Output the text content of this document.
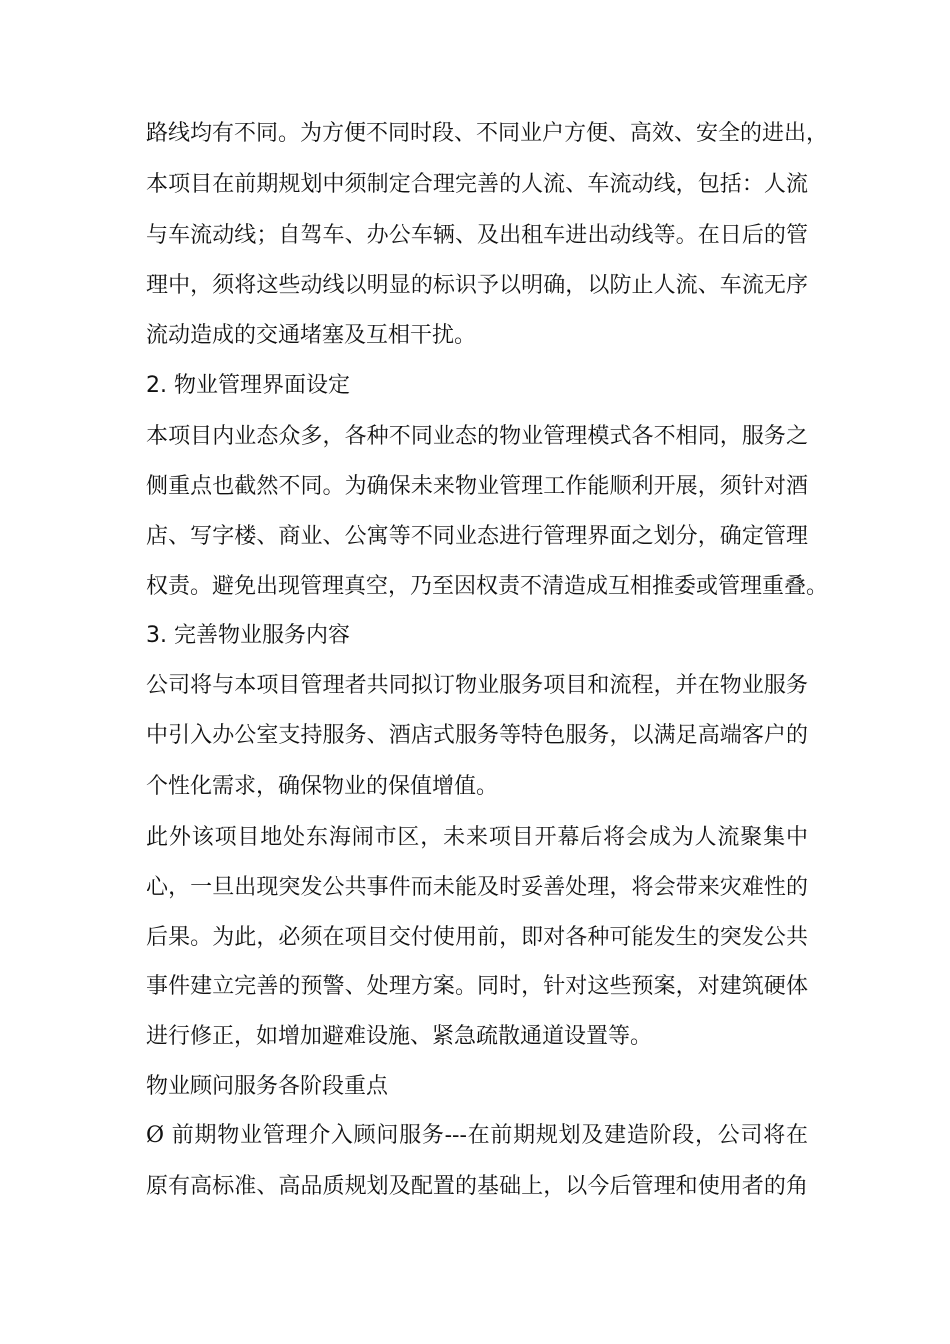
路线均有不同。为方便不同时段、不同业户方便、高效、安全的进出，

本项目在前期规划中须制定合理完善的人流、车流动线，包括：人流

与车流动线；自驾车、办公车辆、及出租车进出动线等。在日后的管

理中，须将这些动线以明显的标识予以明确，以防止人流、车流无序

流动造成的交通堵塞及互相干扰。

2. 物业管理界面设定

本项目内业态众多，各种不同业态的物业管理模式各不相同，服务之

侧重点也截然不同。为确保未来物业管理工作能顺利开展，须针对酒

店、写字楼、商业、公寓等不同业态进行管理界面之划分，确定管理

权责。避免出现管理真空，乃至因权责不清造成互相推委或管理重叠。

3. 完善物业服务内容

公司将与本项目管理者共同拟订物业服务项目和流程，并在物业服务

中引入办公室支持服务、酒店式服务等特色服务，以满足高端客户的

个性化需求，确保物业的保值增值。

此外该项目地处东海闹市区，未来项目开幕后将会成为人流聚集中

心，一旦出现突发公共事件而未能及时妥善处理，将会带来灾难性的

后果。为此，必须在项目交付使用前，即对各种可能发生的突发公共

事件建立完善的预警、处理方案。同时，针对这些预案，对建筑硬体

进行修正，如增加避难设施、紧急疏散通道设置等。

物业顾问服务各阶段重点

Ø 前期物业管理介入顾问服务---在前期规划及建造阶段，公司将在

原有高标准、高品质规划及配置的基础上，以今后管理和使用者的角
